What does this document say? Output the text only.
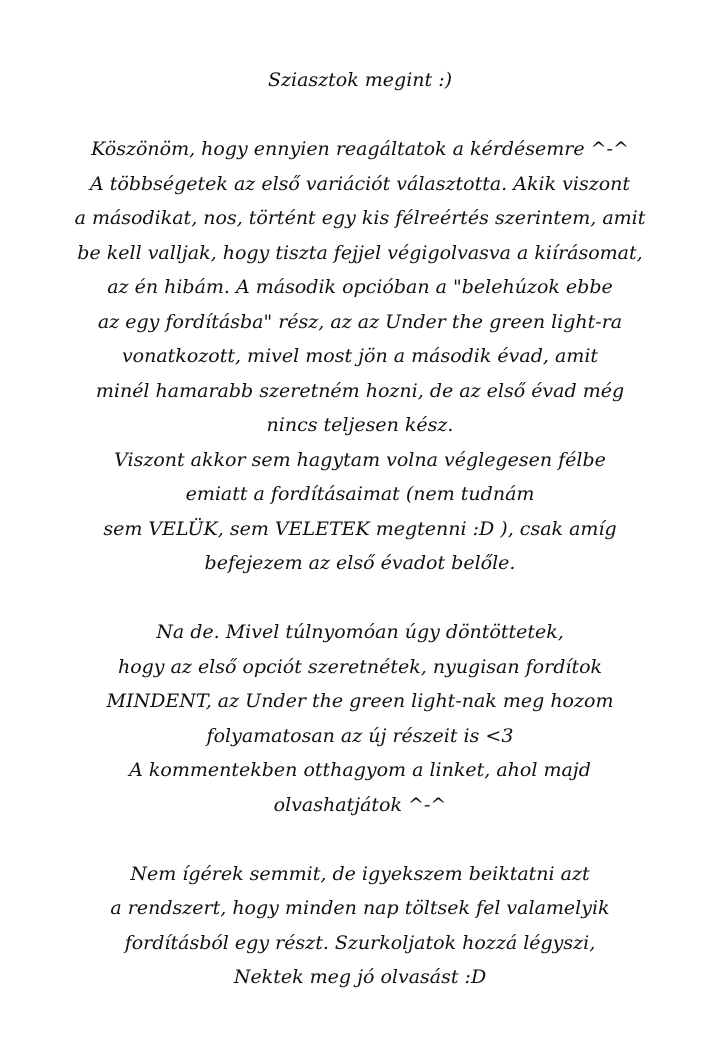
Sziasztok megint :)
Köszönöm, hogy ennyien reagáltatok a kérdésemre ^-^
A többségetek az első variációt választotta. Akik viszont
a másodikat, nos, történt egy kis félreértés szerintem, amit
be kell valljak, hogy tiszta fejjel végigolvasva a kiírásomat,
az én hibám. A második opcióban a "belehúzok ebbe
az egy fordításba" rész, az az Under the green light-ra
vonatkozott, mivel most jön a második évad, amit
minél hamarabb szeretném hozni, de az első évad még
nincs teljesen kész.
Viszont akkor sem hagytam volna véglegesen félbe
emiatt a fordításaimat (nem tudnám
sem VELÜK, sem VELETEK megtenni :D ), csak amíg
befejezem az első évadot belőle.
Na de. Mivel túlnyomóan úgy döntöttetek,
hogy az első opciót szeretnétek, nyugisan fordítok
MINDENT, az Under the green light-nak meg hozom
folyamatosan az új részeit is <3
A kommentekben otthagyom a linket, ahol majd
olvashatjátok ^-^
Nem ígérek semmit, de igyekszem beiktatni azt
a rendszert, hogy minden nap töltsek fel valamelyik
fordításból egy részt. Szurkoljatok hozzá légyszi,
Nektek meg jó olvasást :D
